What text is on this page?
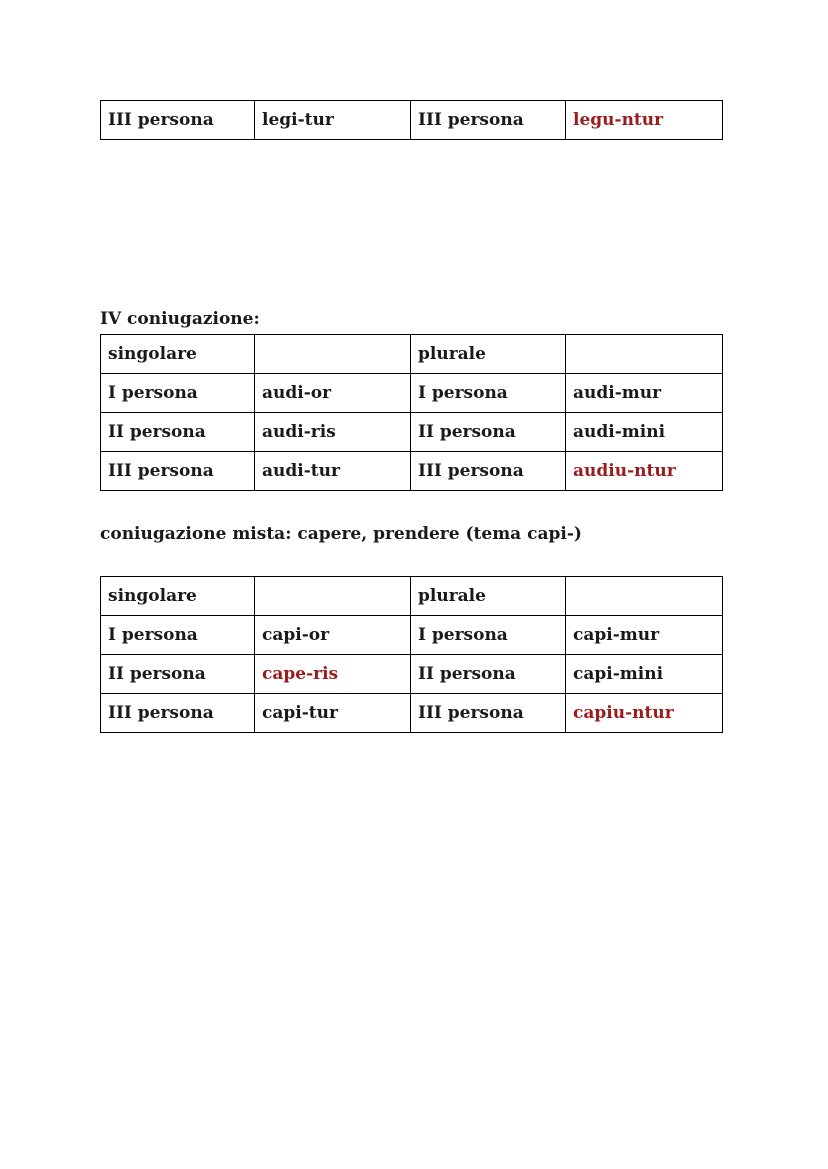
III persona	legi-tur	III persona	legu-ntur

IV coniugazione:

singolare		plurale	
I persona	audi-or	I persona	audi-mur
II persona	audi-ris	II persona	audi-mini
III persona	audi-tur	III persona	audiu-ntur

coniugazione mista: capere, prendere (tema capi-)

singolare		plurale	
I persona	capi-or	I persona	capi-mur
II persona	cape-ris	II persona	capi-mini
III persona	capi-tur	III persona	capiu-ntur
